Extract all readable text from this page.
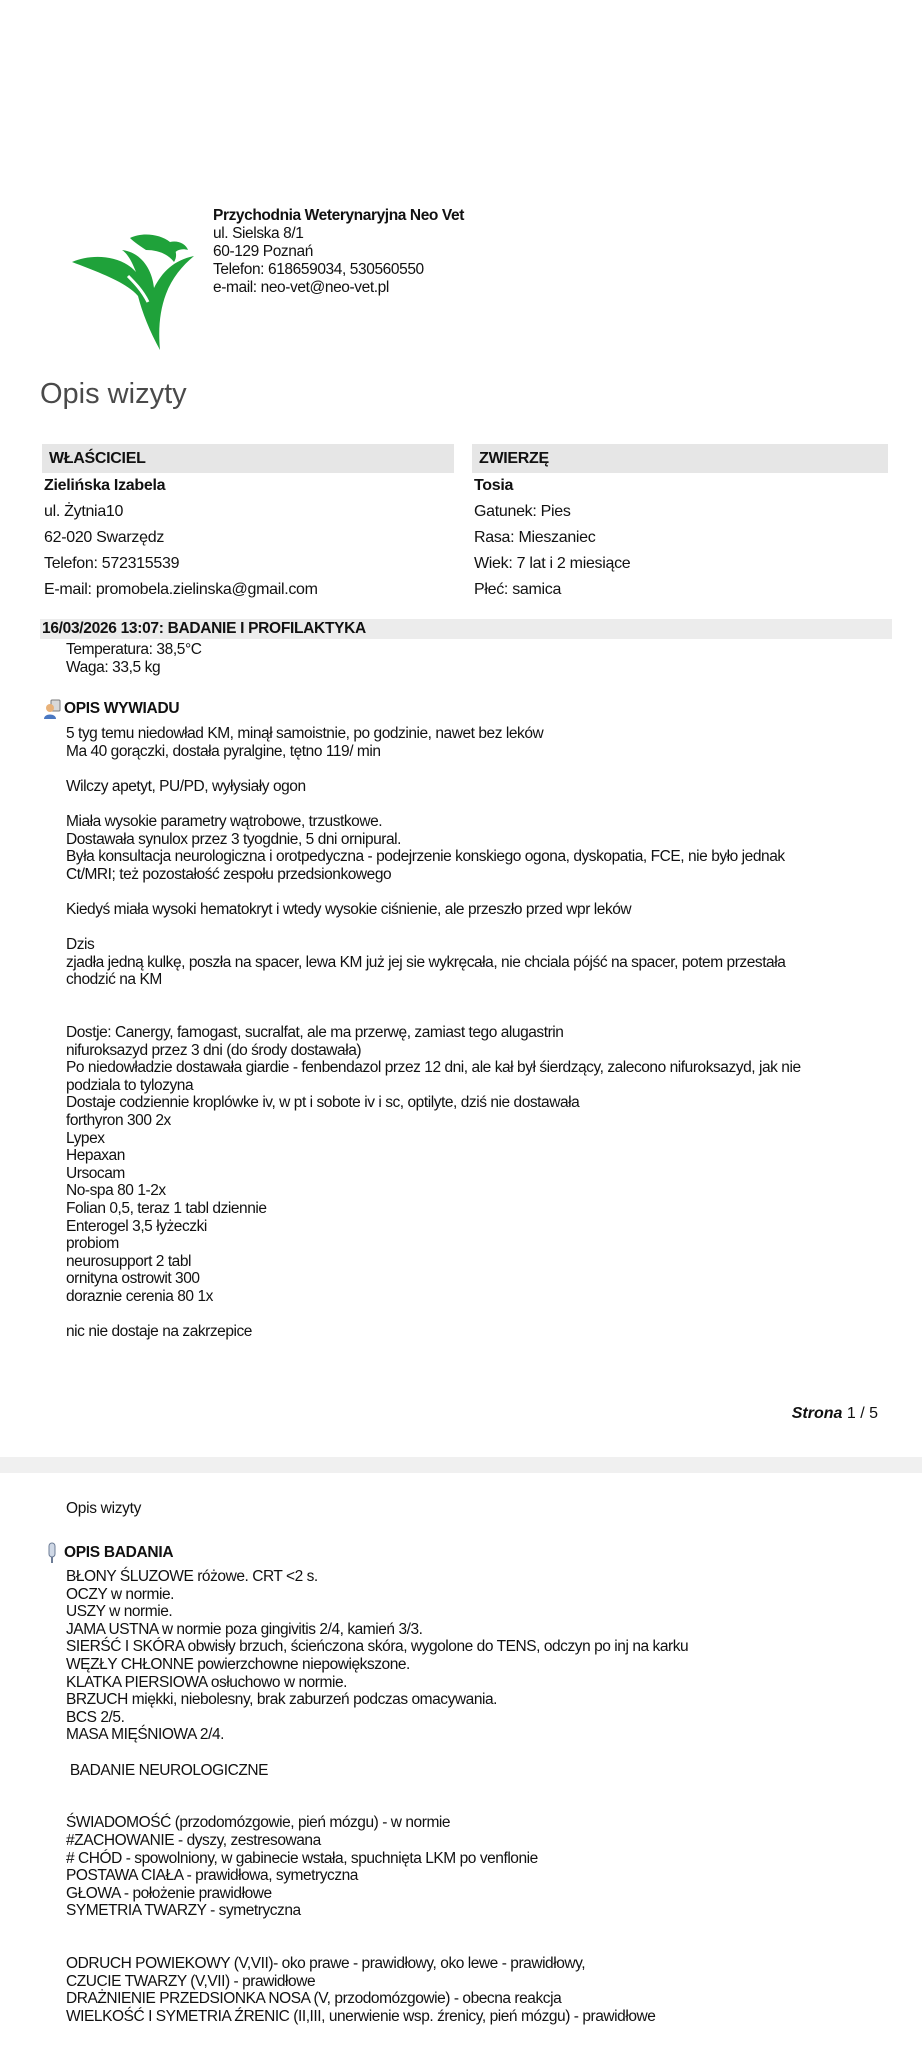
Przychodnia Weterynaryjna Neo Vet
ul. Sielska 8/1
60-129 Poznań
Telefon: 618659034, 530560550
e-mail: neo-vet@neo-vet.pl
Opis wizyty
WŁAŚCICIEL
Zielińska Izabela
ul. Żytnia10
62-020 Swarzędz
Telefon: 572315539
E-mail: promobela.zielinska@gmail.com
ZWIERZĘ
Tosia
Gatunek: Pies
Rasa: Mieszaniec
Wiek: 7 lat i 2 miesiące
Płeć: samica
16/03/2026 13:07: BADANIE I PROFILAKTYKA
Temperatura: 38,5°C
Waga: 33,5 kg
OPIS WYWIADU
5 tyg temu niedowład KM, minął samoistnie, po godzinie, nawet bez leków
Ma 40 gorączki, dostała pyralgine, tętno 119/ min
Wilczy apetyt, PU/PD, wyłysiały ogon
Miała wysokie parametry wątrobowe, trzustkowe.
Dostawała synulox przez 3 tyogdnie, 5 dni ornipural.
Była konsultacja neurologiczna i orotpedyczna - podejrzenie konskiego ogona, dyskopatia, FCE, nie było jednak
Ct/MRI; też pozostałość zespołu przedsionkowego
Kiedyś miała wysoki hematokryt i wtedy wysokie ciśnienie, ale przeszło przed wpr leków
Dzis
zjadła jedną kulkę, poszła na spacer, lewa KM już jej sie wykręcała, nie chciala pójść na spacer, potem przestała
chodzić na KM
Dostje: Canergy, famogast, sucralfat, ale ma przerwę, zamiast tego alugastrin
nifuroksazyd przez 3 dni (do środy dostawała)
Po niedowładzie dostawała giardie - fenbendazol przez 12 dni, ale kał był śierdzący, zalecono nifuroksazyd, jak nie
podziala to tylozyna
Dostaje codziennie kroplówke iv, w pt i sobote iv i sc, optilyte, dziś nie dostawała
forthyron 300 2x
Lypex
Hepaxan
Ursocam
No-spa 80 1-2x
Folian 0,5, teraz 1 tabl dziennie
Enterogel 3,5 łyżeczki
probiom
neurosupport 2 tabl
ornityna ostrowit 300
doraznie cerenia 80 1x
nic nie dostaje na zakrzepice
Strona 1 / 5
Opis wizyty
OPIS BADANIA
BŁONY ŚLUZOWE różowe. CRT <2 s.
OCZY w normie.
USZY w normie.
JAMA USTNA w normie poza gingivitis 2/4, kamień 3/3.
SIERŚĆ I SKÓRA obwisły brzuch, ścieńczona skóra, wygolone do TENS, odczyn po inj na karku
WĘZŁY CHŁONNE powierzchowne niepowiększone.
KLATKA PIERSIOWA osłuchowo w normie.
BRZUCH miękki, niebolesny, brak zaburzeń podczas omacywania.
BCS 2/5.
MASA MIĘŚNIOWA 2/4.
BADANIE NEUROLOGICZNE
ŚWIADOMOŚĆ (przodomózgowie, pień mózgu) - w normie
#ZACHOWANIE - dyszy, zestresowana
# CHÓD - spowolniony, w gabinecie wstała, spuchnięta LKM po venflonie
POSTAWA CIAŁA - prawidłowa, symetryczna
GŁOWA - położenie prawidłowe
SYMETRIA TWARZY - symetryczna
ODRUCH POWIEKOWY (V,VII)- oko prawe - prawidłowy, oko lewe - prawidłowy,
CZUCIE TWARZY (V,VII) - prawidłowe
DRAŻNIENIE PRZEDSIONKA NOSA (V, przodomózgowie) - obecna reakcja
WIELKOŚĆ I SYMETRIA ŹRENIC (II,III, unerwienie wsp. źrenicy, pień mózgu) - prawidłowe
